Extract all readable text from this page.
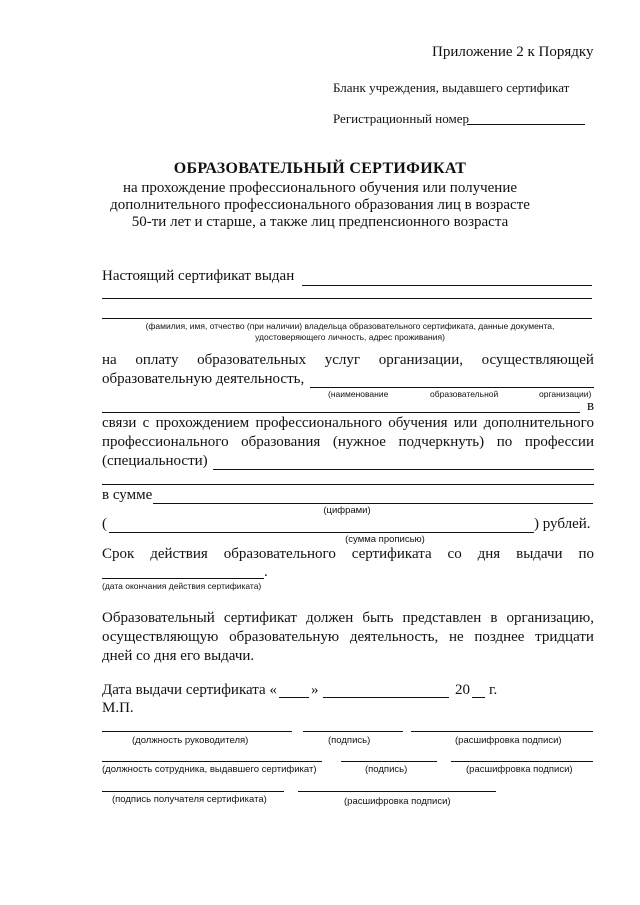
Приложение 2 к Порядку
Бланк учреждения, выдавшего сертификат
Регистрационный номер
ОБРАЗОВАТЕЛЬНЫЙ СЕРТИФИКАТ
на прохождение профессионального обучения или получение
дополнительного профессионального образования лиц в возрасте
50-ти лет и старше, а также лиц предпенсионного возраста
Настоящий сертификат выдан
(фамилия, имя, отчество (при наличии) владельца образовательного сертификата, данные документа,
удостоверяющего личность, адрес проживания)
на оплату образовательных услуг организации, осуществляющей
образовательную деятельность,
(наименование	образовательной	организации)
в
связи с прохождением профессионального обучения или дополнительного
профессионального образования (нужное подчеркнуть) по профессии
(специальности)
в сумме
(цифрами)
(	) рублей.
(сумма прописью)
Срок действия образовательного сертификата со дня выдачи по
.
(дата окончания действия сертификата)
Образовательный сертификат должен быть представлен в организацию,
осуществляющую образовательную деятельность, не позднее тридцати
дней со дня его выдачи.
Дата выдачи сертификата « »	20 г.
М.П.
(должность руководителя)	(подпись)	(расшифровка подписи)
(должность сотрудника, выдавшего сертификат)	(подпись)	(расшифровка подписи)
(подпись получателя сертификата)	(расшифровка подписи)
